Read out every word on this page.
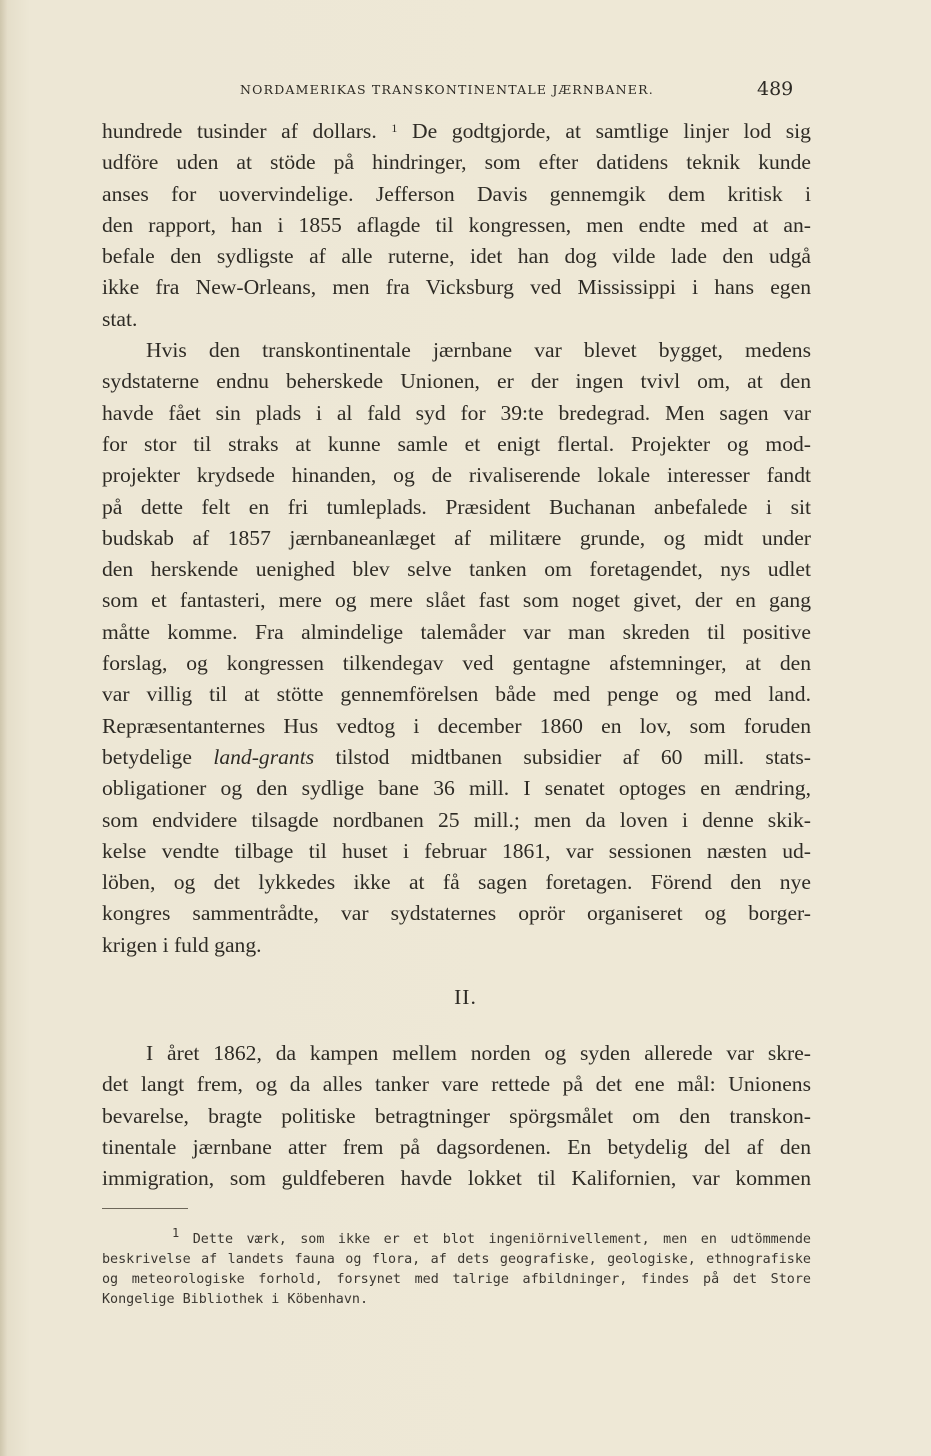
NORDAMERIKAS TRANSKONTINENTALE JÆRNBANER.	489
hundrede tusinder af dollars. $^1$ De godtgjorde, at samtlige linjer lod sig
udföre uden at stöde på hindringer, som efter datidens teknik kunde
anses for uovervindelige. Jefferson Davis gennemgik dem kritisk i
den rapport, han i 1855 aflagde til kongressen, men endte med at an-
befale den sydligste af alle ruterne, idet han dog vilde lade den udgå
ikke fra New-Orleans, men fra Vicksburg ved Mississippi i hans egen
stat.
Hvis den transkontinentale jærnbane var blevet bygget, medens
sydstaterne endnu beherskede Unionen, er der ingen tvivl om, at den
havde fået sin plads i al fald syd for 39:te bredegrad. Men sagen var
for stor til straks at kunne samle et enigt flertal. Projekter og mod-
projekter krydsede hinanden, og de rivaliserende lokale interesser fandt
på dette felt en fri tumleplads. Præsident Buchanan anbefalede i sit
budskab af 1857 jærnbaneanlæget af militære grunde, og midt under
den herskende uenighed blev selve tanken om foretagendet, nys udlet
som et fantasteri, mere og mere slået fast som noget givet, der en gang
måtte komme. Fra almindelige talemåder var man skreden til positive
forslag, og kongressen tilkendegav ved gentagne afstemninger, at den
var villig til at stötte gennemförelsen både med penge og med land.
Repræsentanternes Hus vedtog i december 1860 en lov, som foruden
betydelige land-grants tilstod midtbanen subsidier af 60 mill. stats-
obligationer og den sydlige bane 36 mill. I senatet optoges en ændring,
som endvidere tilsagde nordbanen 25 mill.; men da loven i denne skik-
kelse vendte tilbage til huset i februar 1861, var sessionen næsten ud-
löben, og det lykkedes ikke at få sagen foretagen. Förend den nye
kongres sammentrådte, var sydstaternes oprör organiseret og borger-
krigen i fuld gang.
II.
I året 1862, da kampen mellem norden og syden allerede var skre-
det langt frem, og da alles tanker vare rettede på det ene mål: Unionens
bevarelse, bragte politiske betragtninger spörgsmålet om den transkon-
tinentale jærnbane atter frem på dagsordenen. En betydelig del af den
immigration, som guldfeberen havde lokket til Kalifornien, var kommen
$^1$ Dette værk, som ikke er et blot ingeniörnivellement, men en udtömmende
beskrivelse af landets fauna og flora, af dets geografiske, geologiske, ethnografiske
og meteorologiske forhold, forsynet med talrige afbildninger, findes på det Store
Kongelige Bibliothek i Köbenhavn.
